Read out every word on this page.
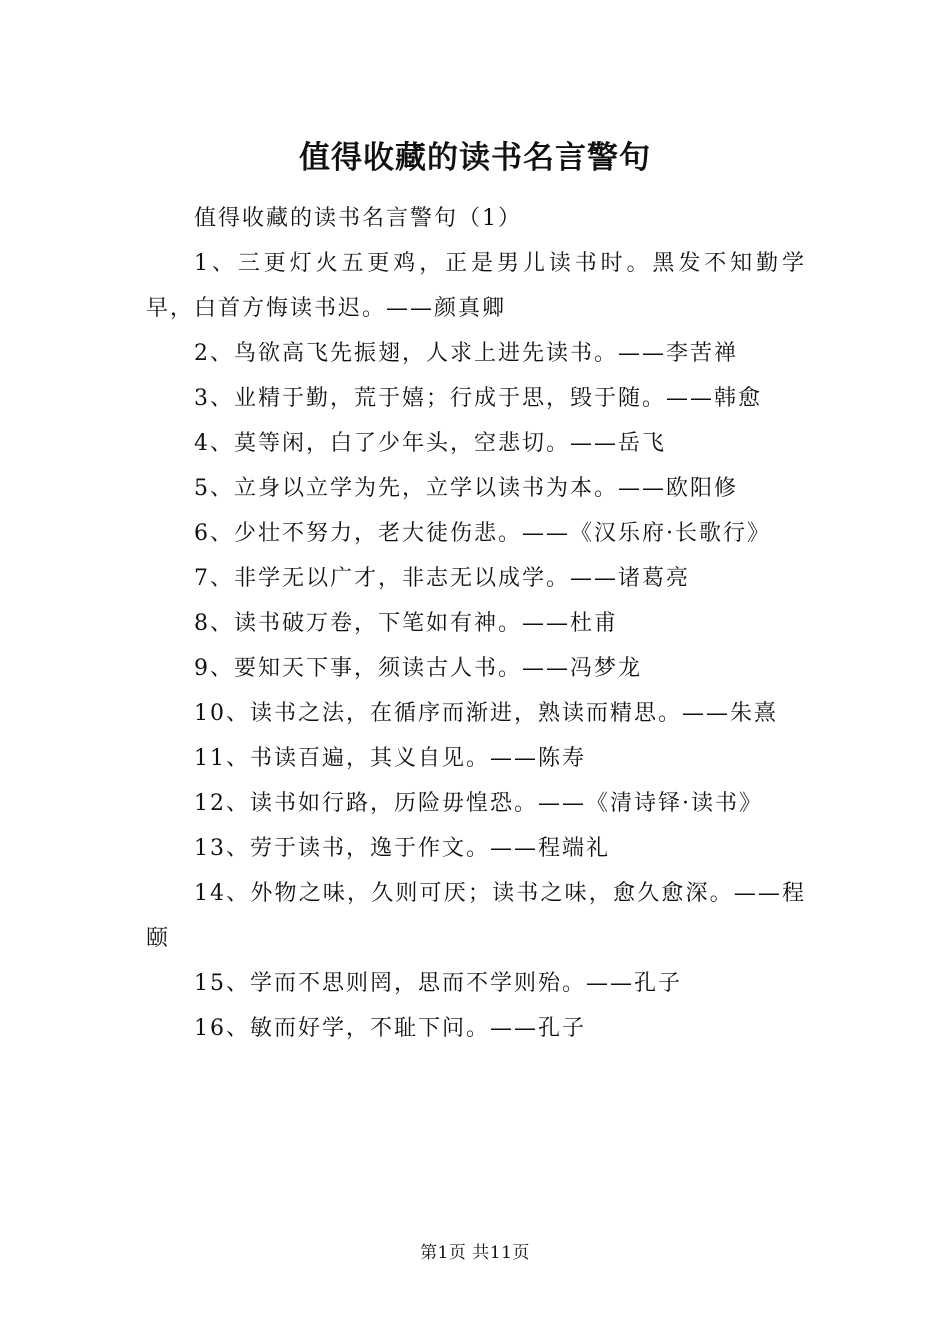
值得收藏的读书名言警句

值得收藏的读书名言警句（1）

1、三更灯火五更鸡，正是男儿读书时。黑发不知勤学早，白首方悔读书迟。——颜真卿

2、鸟欲高飞先振翅，人求上进先读书。——李苦禅

3、业精于勤，荒于嬉；行成于思，毁于随。——韩愈

4、莫等闲，白了少年头，空悲切。——岳飞

5、立身以立学为先，立学以读书为本。——欧阳修

6、少壮不努力，老大徒伤悲。——《汉乐府·长歌行》

7、非学无以广才，非志无以成学。——诸葛亮

8、读书破万卷，下笔如有神。——杜甫

9、要知天下事，须读古人书。——冯梦龙

10、读书之法，在循序而渐进，熟读而精思。——朱熹

11、书读百遍，其义自见。——陈寿

12、读书如行路，历险毋惶恐。——《清诗铎·读书》

13、劳于读书，逸于作文。——程端礼

14、外物之味，久则可厌；读书之味，愈久愈深。——程颐

15、学而不思则罔，思而不学则殆。——孔子

16、敏而好学，不耻下问。——孔子

第1页 共11页
